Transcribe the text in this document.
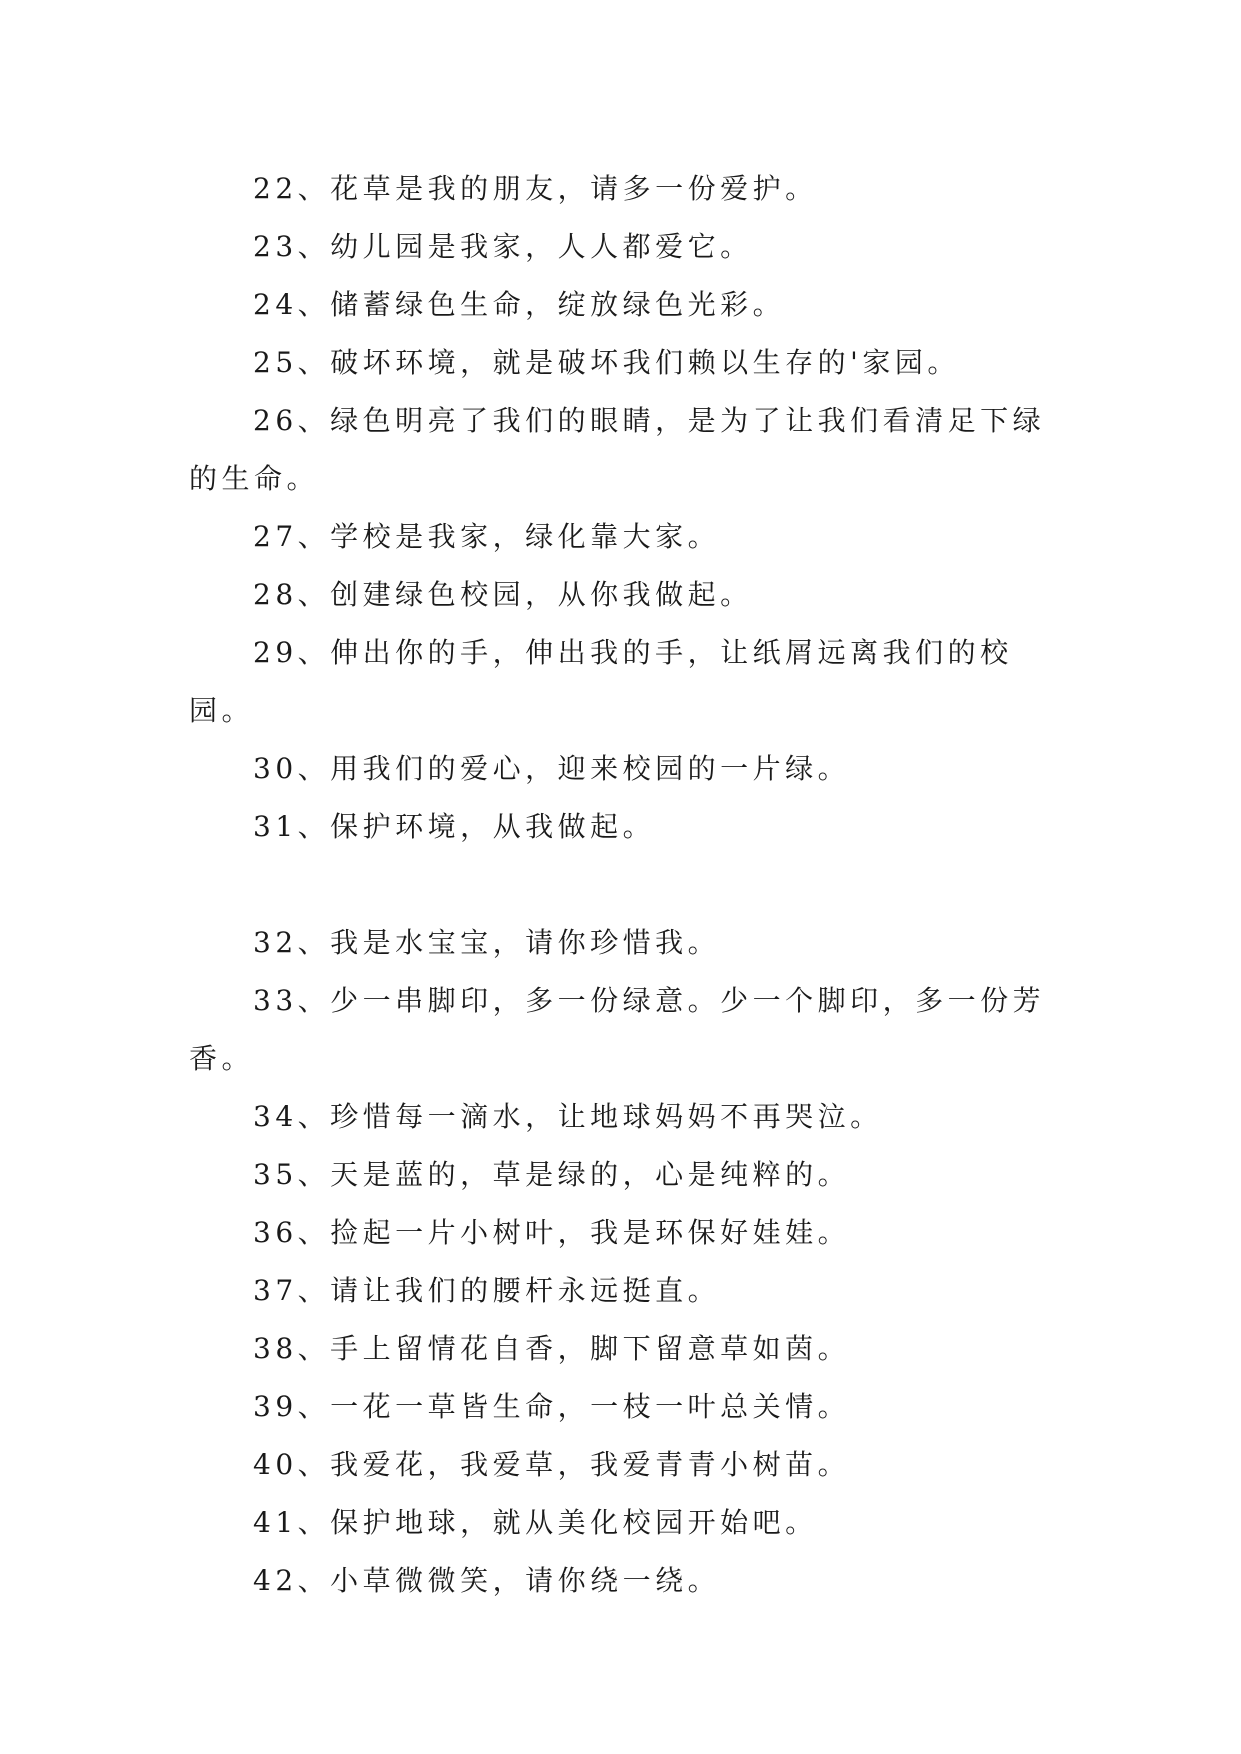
22、花草是我的朋友，请多一份爱护。

23、幼儿园是我家，人人都爱它。

24、储蓄绿色生命，绽放绿色光彩。

25、破坏环境，就是破坏我们赖以生存的'家园。

26、绿色明亮了我们的眼睛，是为了让我们看清足下绿的生命。

27、学校是我家，绿化靠大家。

28、创建绿色校园，从你我做起。

29、伸出你的手，伸出我的手，让纸屑远离我们的校园。

30、用我们的爱心，迎来校园的一片绿。

31、保护环境，从我做起。

32、我是水宝宝，请你珍惜我。

33、少一串脚印，多一份绿意。少一个脚印，多一份芳香。

34、珍惜每一滴水，让地球妈妈不再哭泣。

35、天是蓝的，草是绿的，心是纯粹的。

36、捡起一片小树叶，我是环保好娃娃。

37、请让我们的腰杆永远挺直。

38、手上留情花自香，脚下留意草如茵。

39、一花一草皆生命，一枝一叶总关情。

40、我爱花，我爱草，我爱青青小树苗。

41、保护地球，就从美化校园开始吧。

42、小草微微笑，请你绕一绕。
